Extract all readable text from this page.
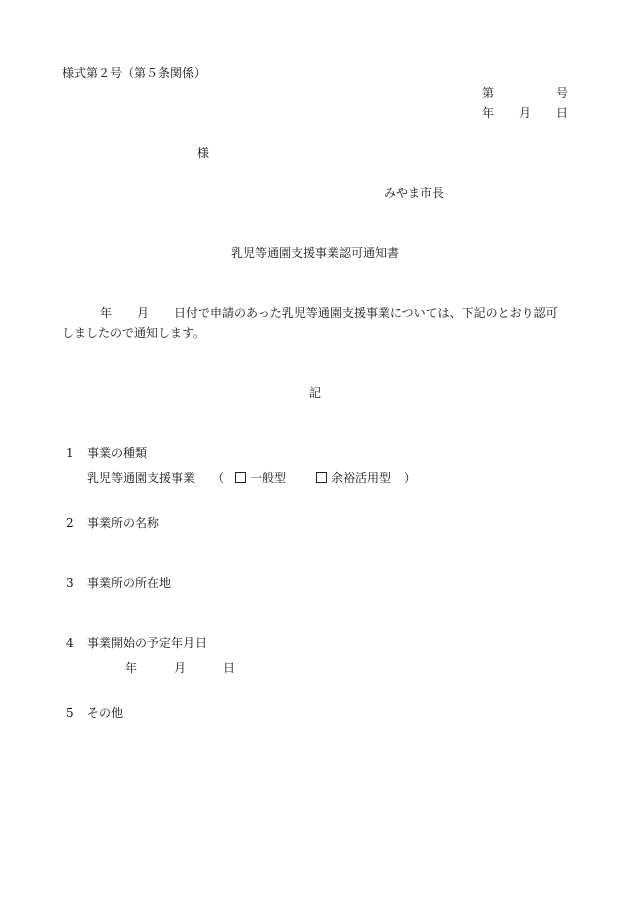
様式第２号（第５条関係）
第	号
年 月 日
様
みやま市長
乳児等通園支援事業認可通知書
年 月 日付で申請のあった乳児等通園支援事業については、下記のとおり認可
しましたので通知します。
記
1 事業の種類
乳児等通園支援事業 （	一般型	余裕活用型 ）
2 事業所の名称
3 事業所の所在地
4 事業開始の予定年月日
年	月	日
5 その他
